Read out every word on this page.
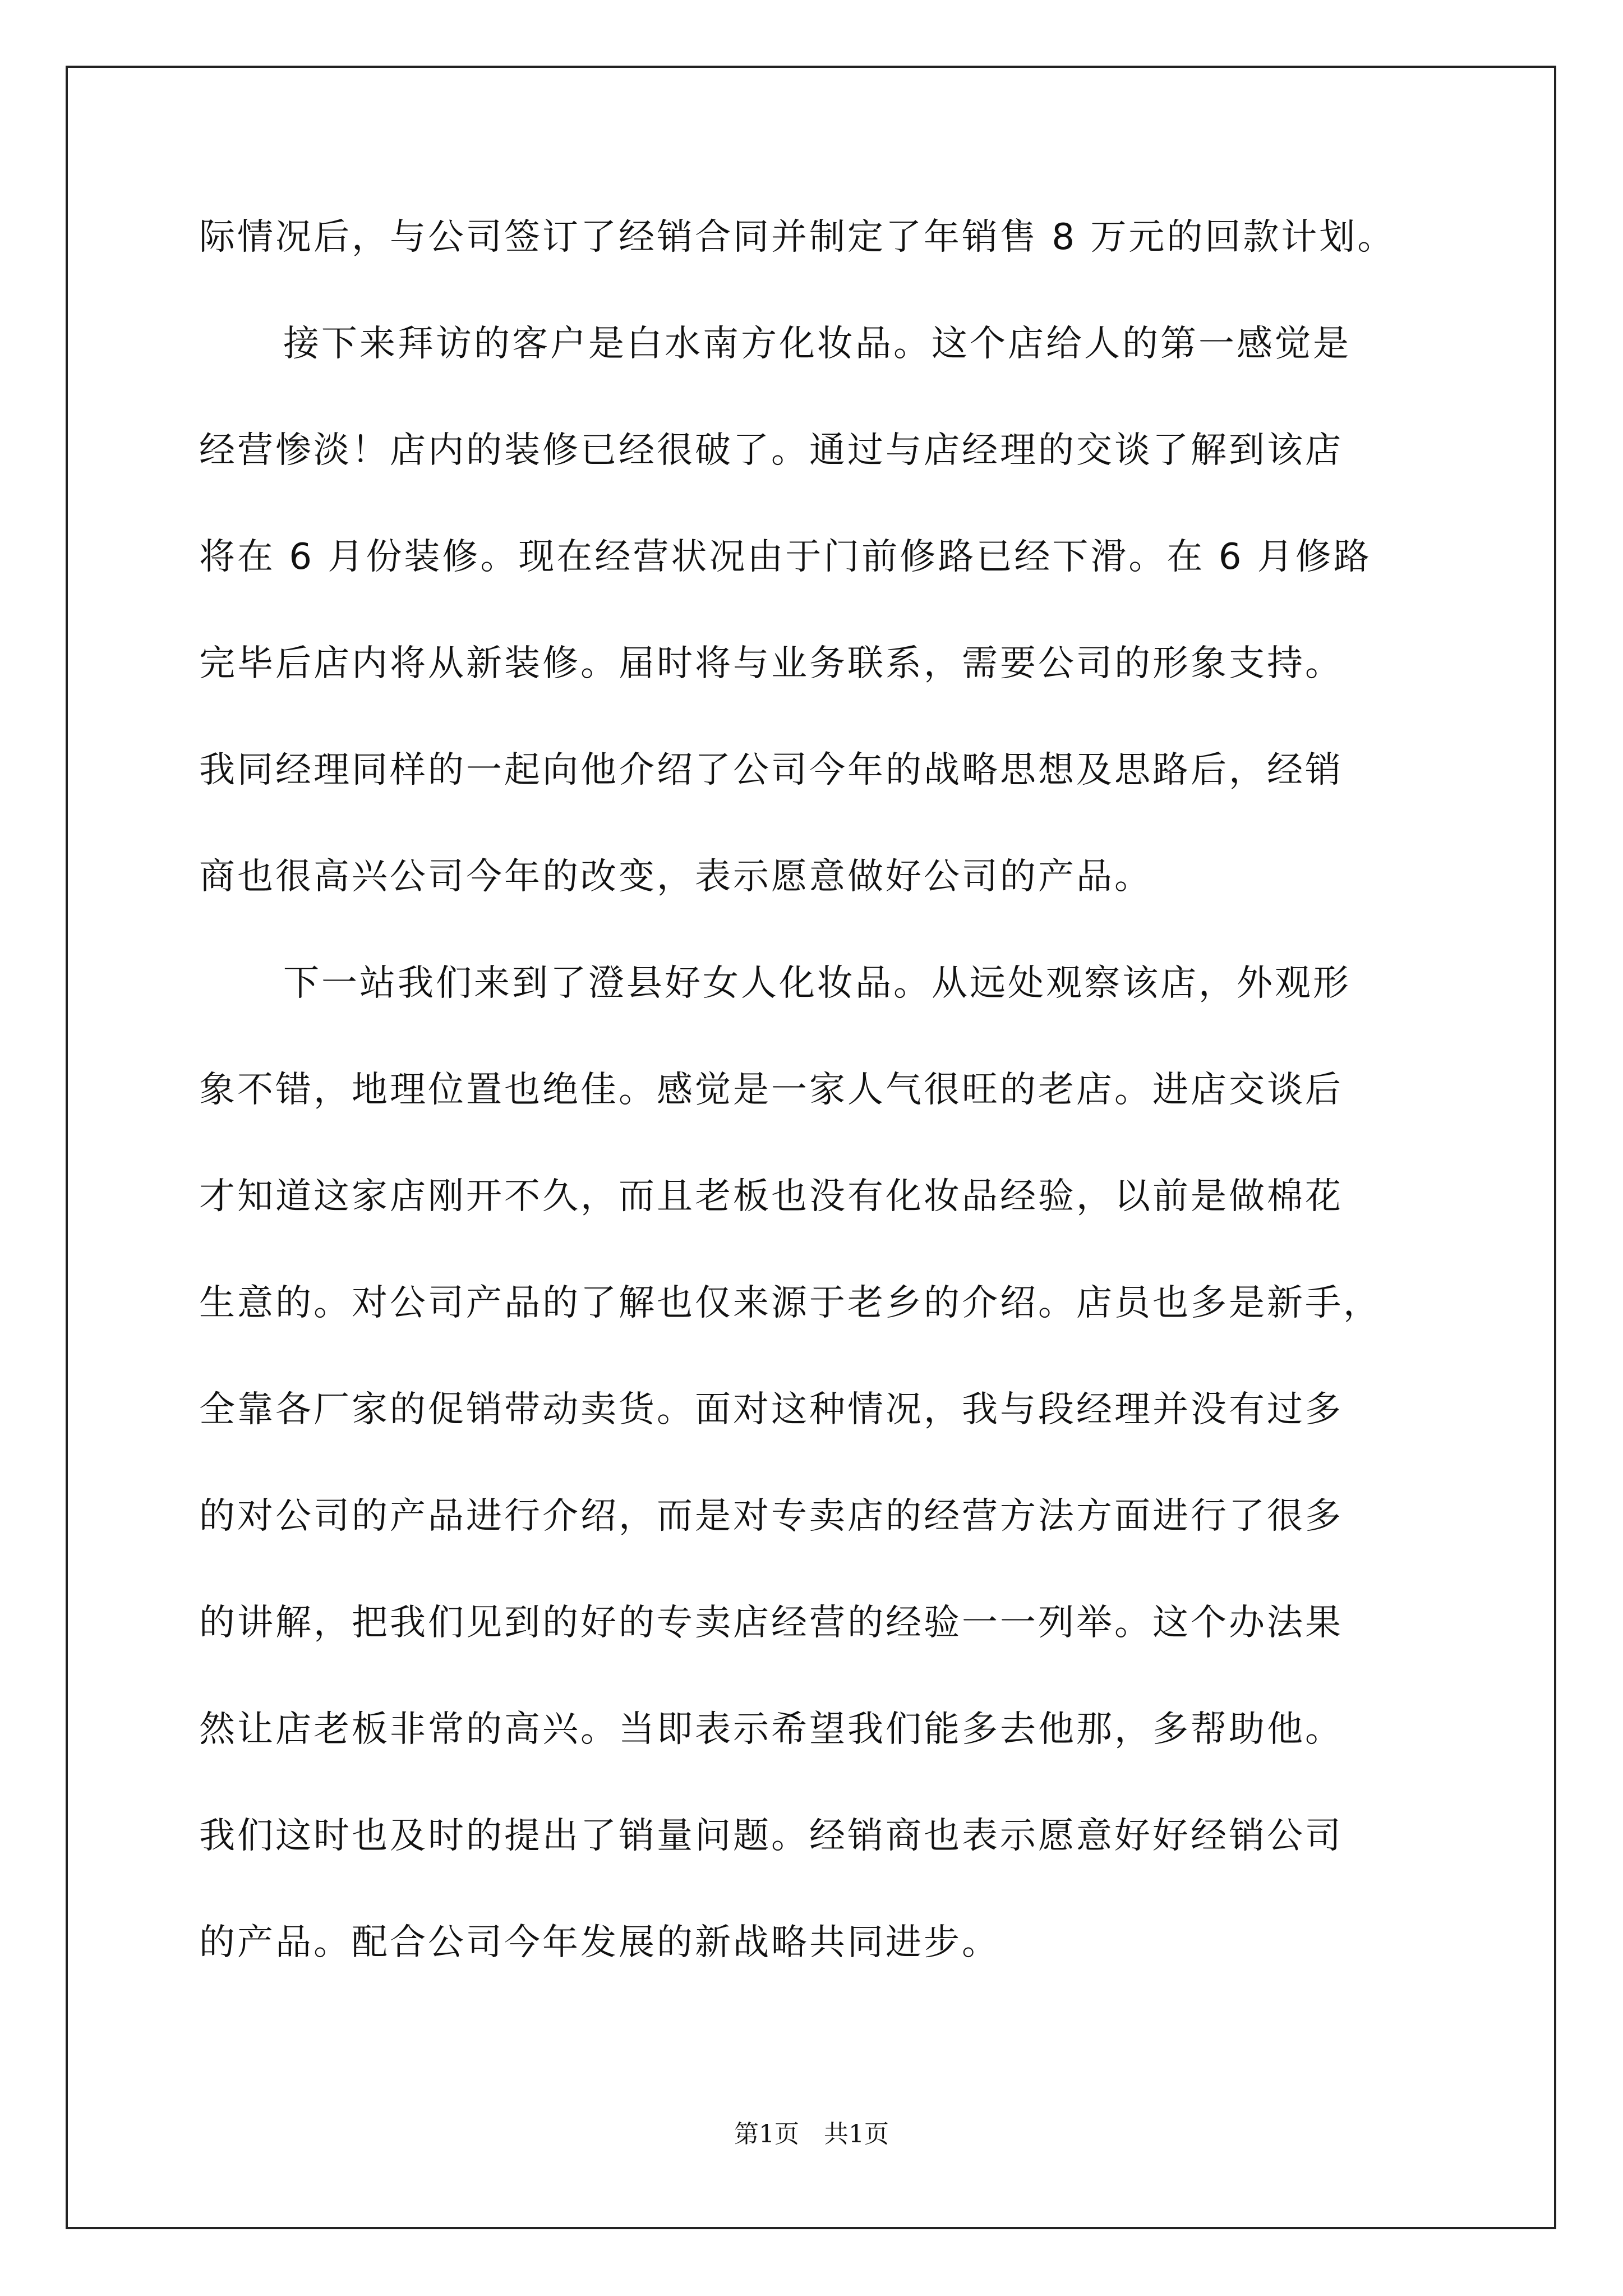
际情况后，与公司签订了经销合同并制定了年销售 8 万元的回款计划。
接下来拜访的客户是白水南方化妆品。这个店给人的第一感觉是
经营惨淡！店内的装修已经很破了。通过与店经理的交谈了解到该店
将在 6 月份装修。现在经营状况由于门前修路已经下滑。在 6 月修路
完毕后店内将从新装修。届时将与业务联系，需要公司的形象支持。
我同经理同样的一起向他介绍了公司今年的战略思想及思路后，经销
商也很高兴公司今年的改变，表示愿意做好公司的产品。
下一站我们来到了澄县好女人化妆品。从远处观察该店，外观形
象不错，地理位置也绝佳。感觉是一家人气很旺的老店。进店交谈后
才知道这家店刚开不久，而且老板也没有化妆品经验，以前是做棉花
生意的。对公司产品的了解也仅来源于老乡的介绍。店员也多是新手，
全靠各厂家的促销带动卖货。面对这种情况，我与段经理并没有过多
的对公司的产品进行介绍，而是对专卖店的经营方法方面进行了很多
的讲解，把我们见到的好的专卖店经营的经验一一列举。这个办法果
然让店老板非常的高兴。当即表示希望我们能多去他那，多帮助他。
我们这时也及时的提出了销量问题。经销商也表示愿意好好经销公司
的产品。配合公司今年发展的新战略共同进步。
第1页　共1页
